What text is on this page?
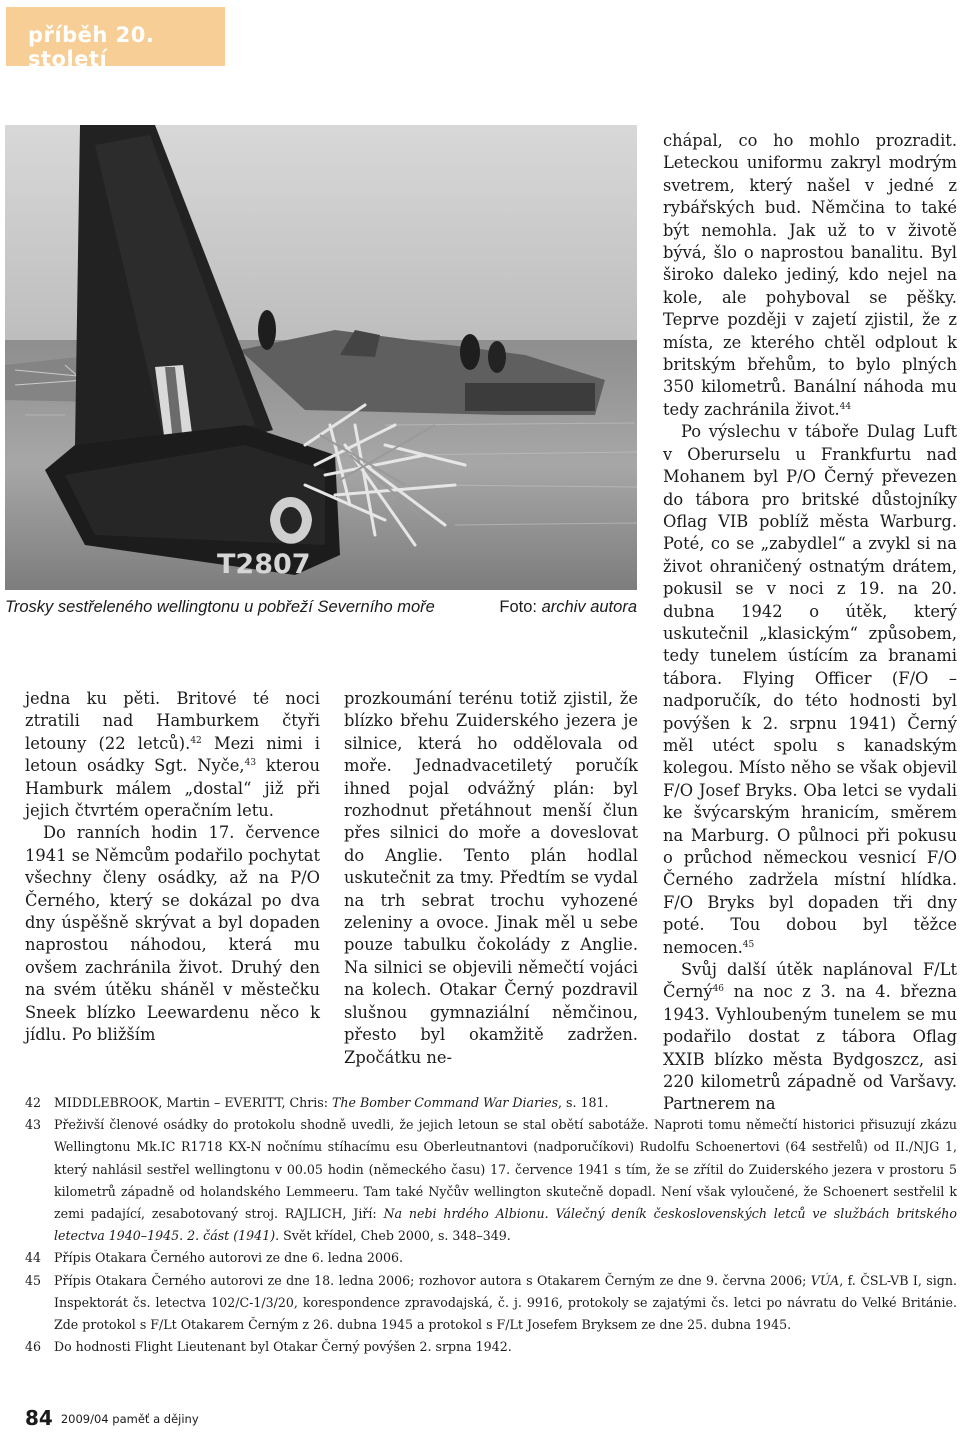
příběh 20. století
T2807
Trosky sestřeleného wellingtonu u pobřeží Severního moře	Foto: archiv autora

jedna ku pěti. Britové té noci ztratili nad Hamburkem čtyři letouny (22 letců).$^{42}$ Mezi nimi i letoun osádky Sgt. Nyče,$^{43}$ kterou Hamburk málem „dostal“ již při jejich čtvrtém operačním letu.

Do ranních hodin 17. července 1941 se Němcům podařilo pochytat všechny členy osádky, až na P/O Černého, který se dokázal po dva dny úspěšně skrývat a byl dopaden naprostou náhodou, která mu ovšem zachránila život. Druhý den na svém útěku sháněl v městečku Sneek blízko Leewardenu něco k jídlu. Po bližším

prozkoumání terénu totiž zjistil, že blízko břehu Zuiderského jezera je silnice, která ho oddělovala od moře. Jednadvacetiletý poručík ihned pojal odvážný plán: byl rozhodnut přetáhnout menší člun přes silnici do moře a doveslovat do Anglie. Tento plán hodlal uskutečnit za tmy. Předtím se vydal na trh sebrat trochu vyhozené zeleniny a ovoce. Jinak měl u sebe pouze tabulku čokolády z Anglie. Na silnici se objevili němečtí vojáci na kolech. Otakar Černý pozdravil slušnou gymnaziální němčinou, přesto byl okamžitě zadržen. Zpočátku ne-

chápal, co ho mohlo prozradit. Leteckou uniformu zakryl modrým svetrem, který našel v jedné z rybářských bud. Němčina to také být nemohla. Jak už to v životě bývá, šlo o naprostou banalitu. Byl široko daleko jediný, kdo nejel na kole, ale pohyboval se pěšky. Teprve později v zajetí zjistil, že z místa, ze kterého chtěl odplout k britským břehům, to bylo plných 350 kilometrů. Banální náhoda mu tedy zachránila život.$^{44}$

Po výslechu v táboře Dulag Luft v Oberurselu u Frankfurtu nad Mohanem byl P/O Černý převezen do tábora pro britské důstojníky Oflag VIB poblíž města Warburg. Poté, co se „zabydlel“ a zvykl si na život ohraničený ostnatým drátem, pokusil se v noci z 19. na 20. dubna 1942 o útěk, který uskutečnil „klasickým“ způsobem, tedy tunelem ústícím za branami tábora. Flying Officer (F/O – nadporučík, do této hodnosti byl povýšen k 2. srpnu 1941) Černý měl utéct spolu s kanadským kolegou. Místo něho se však objevil F/O Josef Bryks. Oba letci se vydali ke švýcarským hranicím, směrem na Marburg. O půlnoci při pokusu o průchod německou vesnicí F/O Černého zadržela místní hlídka. F/O Bryks byl dopaden tři dny poté. Tou dobou byl těžce nemocen.$^{45}$

Svůj další útěk naplánoval F/Lt Černý$^{46}$ na noc z 3. na 4. března 1943. Vyhloubeným tunelem se mu podařilo dostat z tábora Oflag XXIB blízko města Bydgoszcz, asi 220 kilometrů západně od Varšavy. Partnerem na

42	MIDDLEBROOK, Martin – EVERITT, Chris: The Bomber Command War Diaries, s. 181.
43	Přeživší členové osádky do protokolu shodně uvedli, že jejich letoun se stal obětí sabotáže. Naproti tomu němečtí historici přisuzují zkázu Wellingtonu Mk.IC R1718 KX-N nočnímu stíhacímu esu Oberleutnantovi (nadporučíkovi) Rudolfu Schoenertovi (64 sestřelů) od II./NJG 1, který nahlásil sestřel wellingtonu v 00.05 hodin (německého času) 17. července 1941 s tím, že se zřítil do Zuiderského jezera v prostoru 5 kilometrů západně od holandského Lemmeeru. Tam také Nyčův wellington skutečně dopadl. Není však vyloučené, že Schoenert sestřelil k zemi padající, zesabotovaný stroj. RAJLICH, Jiří: Na nebi hrdého Albionu. Válečný deník československých letců ve službách britského letectva 1940–1945. 2. část (1941). Svět křídel, Cheb 2000, s. 348–349.
44	Přípis Otakara Černého autorovi ze dne 6. ledna 2006.
45	Přípis Otakara Černého autorovi ze dne 18. ledna 2006; rozhovor autora s Otakarem Černým ze dne 9. června 2006; VÚA, f. ČSL-VB I, sign. Inspektorát čs. letectva 102/C-1/3/20, korespondence zpravodajská, č. j. 9916, protokoly se zajatými čs. letci po návratu do Velké Británie. Zde protokol s F/Lt Otakarem Černým z 26. dubna 1945 a protokol s F/Lt Josefem Bryksem ze dne 25. dubna 1945.
46	Do hodnosti Flight Lieutenant byl Otakar Černý povýšen 2. srpna 1942.
84 2009/04 paměť a dějiny
